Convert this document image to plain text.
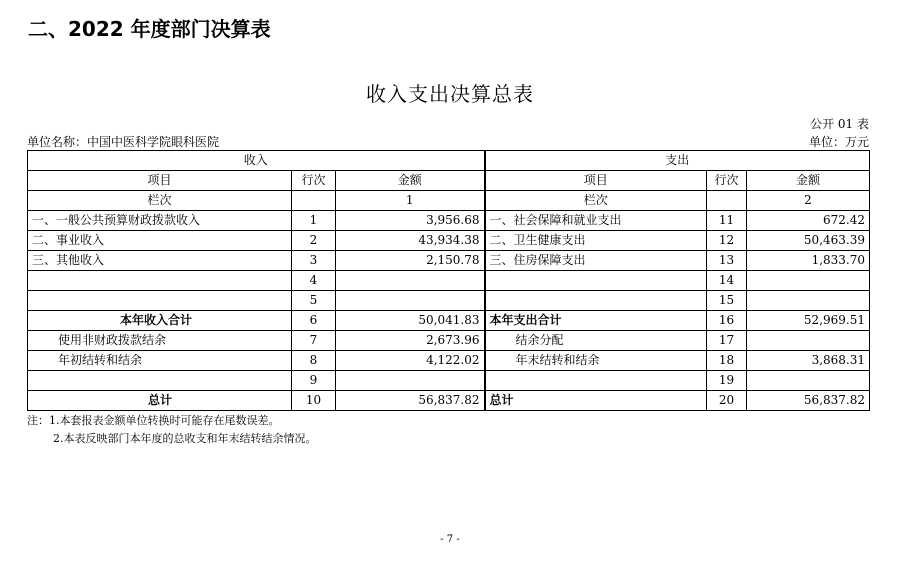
二、2022 年度部门决算表
收入支出决算总表
公开 01 表
单位名称：中国中医科学院眼科医院	单位：万元
收入			支出		
项目	行次	金额	项目	行次	金额
栏次		1	栏次		2
一、一般公共预算财政拨款收入	1	3,956.68	一、社会保障和就业支出	11	672.42
二、事业收入	2	43,934.38	二、卫生健康支出	12	50,463.39
三、其他收入	3	2,150.78	三、住房保障支出	13	1,833.70
	4			14	
	5			15	
本年收入合计	6	50,041.83	本年支出合计	16	52,969.51
使用非财政拨款结余	7	2,673.96	结余分配	17	
年初结转和结余	8	4,122.02	年末结转和结余	18	3,868.31
	9			19	
总计	10	56,837.82	总计	20	56,837.82
注：1.本套报表金额单位转换时可能存在尾数误差。
2.本表反映部门本年度的总收支和年末结转结余情况。
- 7 -
